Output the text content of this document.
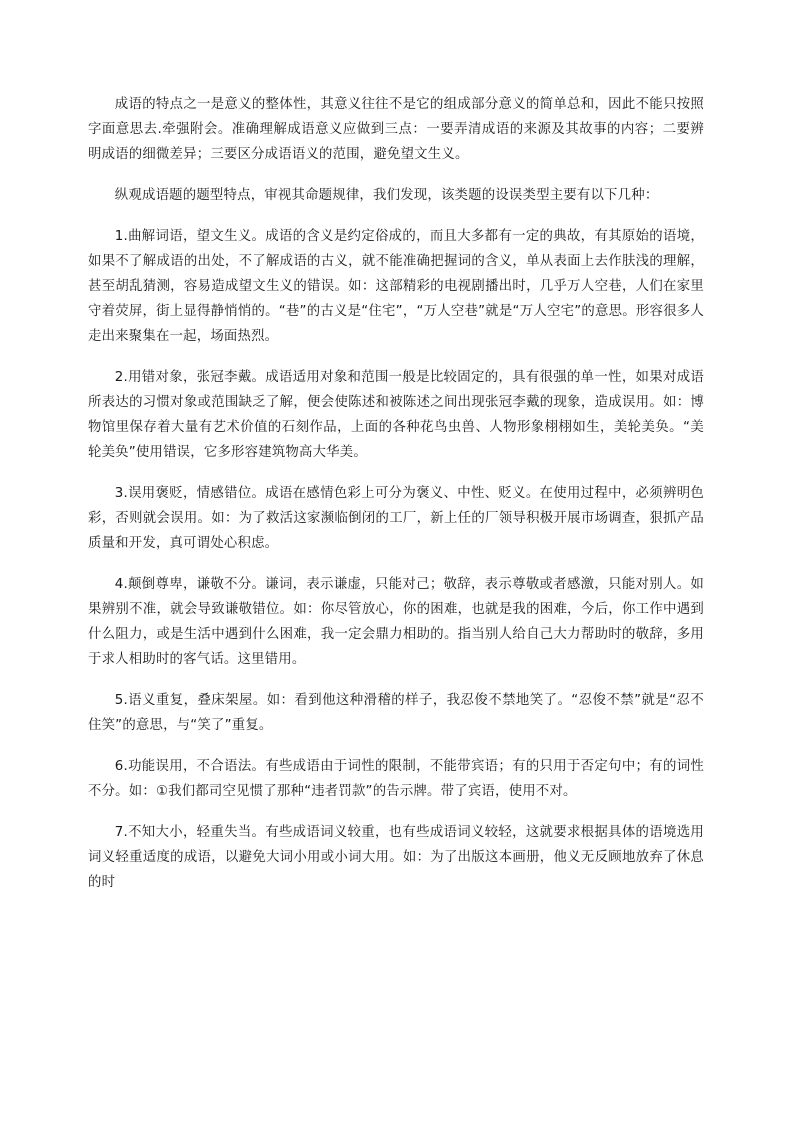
成语的特点之一是意义的整体性，其意义往往不是它的组成部分意义的简单总和，因此不能只按照字面意思去.牵强附会。准确理解成语意义应做到三点：一要弄清成语的来源及其故事的内容；二要辨明成语的细微差异；三要区分成语语义的范围，避免望文生义。

纵观成语题的题型特点，审视其命题规律，我们发现，该类题的设误类型主要有以下几种：

1.曲解词语，望文生义。成语的含义是约定俗成的，而且大多都有一定的典故，有其原始的语境，如果不了解成语的出处，不了解成语的古义，就不能准确把握词的含义，单从表面上去作肤浅的理解，甚至胡乱猜测，容易造成望文生义的错误。如：这部精彩的电视剧播出时，几乎万人空巷，人们在家里守着荧屏，街上显得静悄悄的。“巷”的古义是“住宅”，“万人空巷”就是“万人空宅”的意思。形容很多人走出来聚集在一起，场面热烈。

2.用错对象，张冠李戴。成语适用对象和范围一般是比较固定的，具有很强的单一性，如果对成语所表达的习惯对象或范围缺乏了解，便会使陈述和被陈述之间出现张冠李戴的现象，造成误用。如：博物馆里保存着大量有艺术价值的石刻作品，上面的各种花鸟虫兽、人物形象栩栩如生，美轮美奂。“美轮美奂”使用错误，它多形容建筑物高大华美。

3.误用褒贬，情感错位。成语在感情色彩上可分为褒义、中性、贬义。在使用过程中，必须辨明色彩，否则就会误用。如：为了救活这家濒临倒闭的工厂，新上任的厂领导积极开展市场调查，狠抓产品质量和开发，真可谓处心积虑。

4.颠倒尊卑，谦敬不分。谦词，表示谦虚，只能对己；敬辞，表示尊敬或者感激，只能对别人。如果辨别不准，就会导致谦敬错位。如：你尽管放心，你的困难，也就是我的困难，今后，你工作中遇到什么阻力，或是生活中遇到什么困难，我一定会鼎力相助的。指当别人给自己大力帮助时的敬辞，多用于求人相助时的客气话。这里错用。

5.语义重复，叠床架屋。如：看到他这种滑稽的样子，我忍俊不禁地笑了。“忍俊不禁”就是“忍不住笑”的意思，与“笑了”重复。

6.功能误用，不合语法。有些成语由于词性的限制，不能带宾语；有的只用于否定句中；有的词性不分。如：①我们都司空见惯了那种“违者罚款”的告示牌。带了宾语，使用不对。

7.不知大小，轻重失当。有些成语词义较重，也有些成语词义较轻，这就要求根据具体的语境选用词义轻重适度的成语，以避免大词小用或小词大用。如：为了出版这本画册，他义无反顾地放弃了休息的时
